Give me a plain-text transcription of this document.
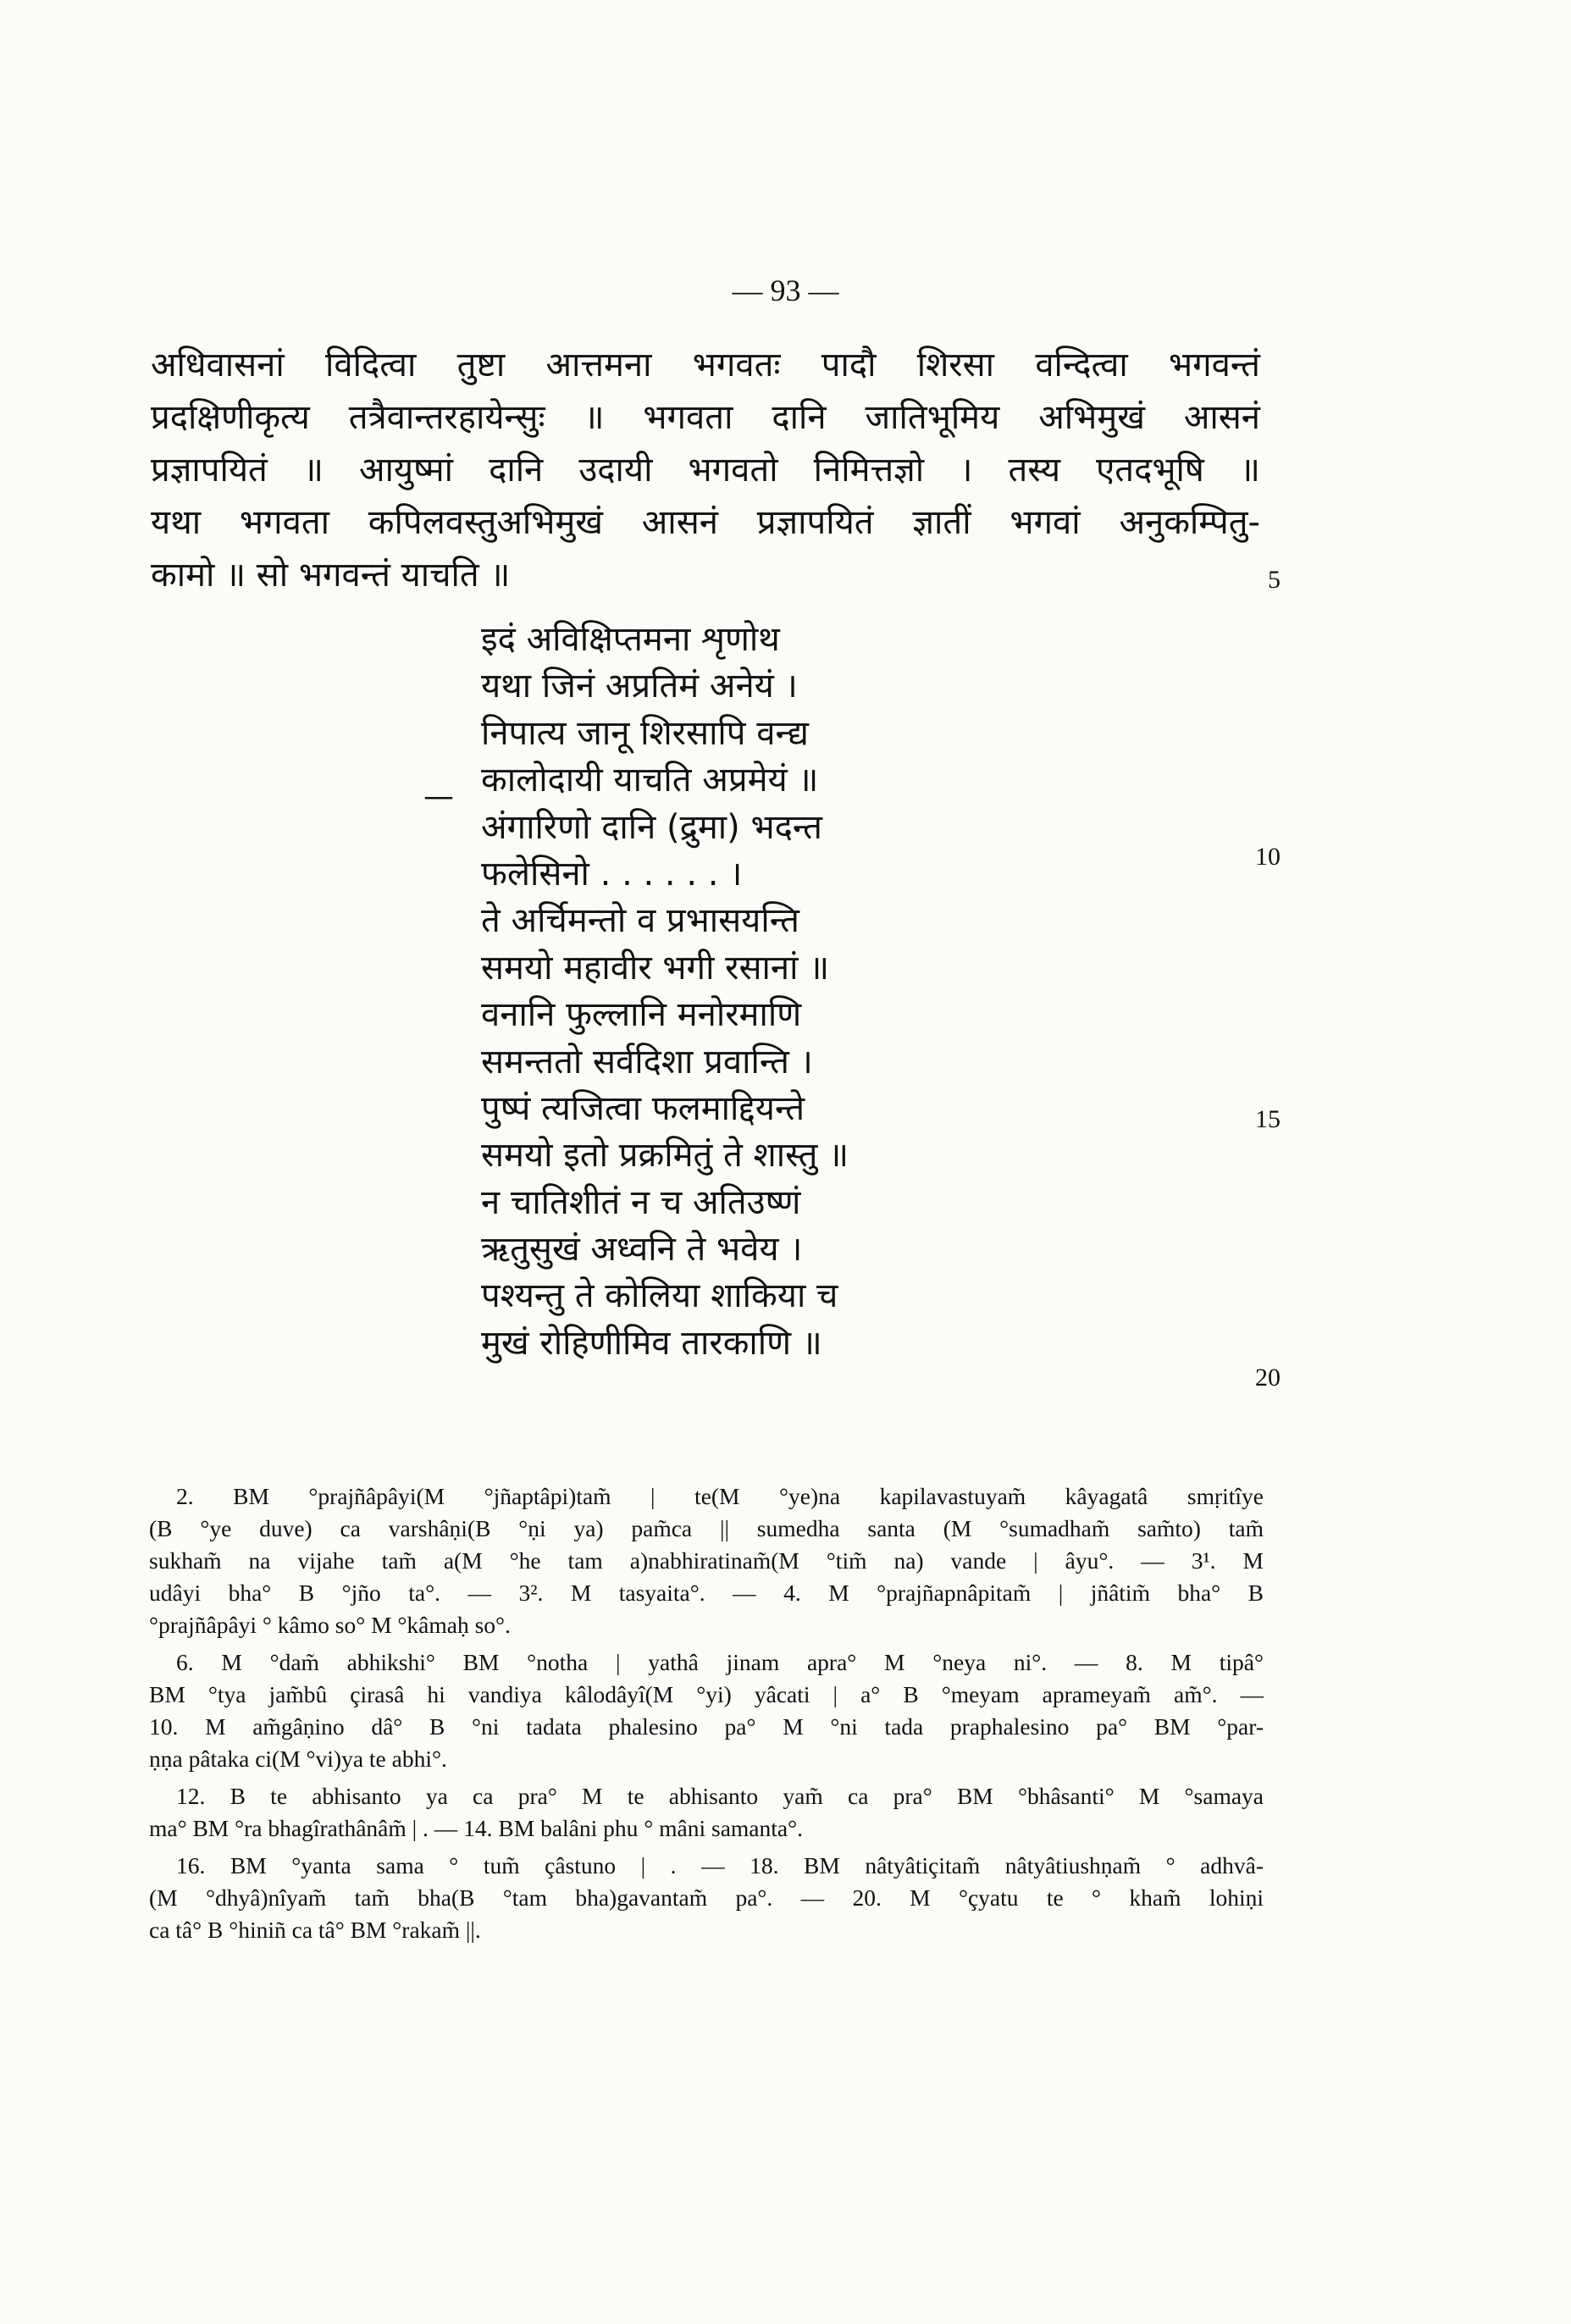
— 93 —
अधिवासनां विदित्वा तुष्टा आत्तमना भगवतः पादौ शिरसा वन्दित्वा भगवन्तं
प्रदक्षिणीकृत्य तत्रैवान्तरहायेन्सुः ॥ भगवता दानि जातिभूमिय अभिमुखं आसनं
प्रज्ञापयितं ॥ आयुष्मां दानि उदायी भगवतो निमित्तज्ञो । तस्य एतदभूषि ॥
यथा भगवता कपिलवस्तुअभिमुखं आसनं प्रज्ञापयितं ज्ञातीं भगवां अनुकम्पितु-
कामो ॥ सो भगवन्तं याचति ॥
—
इदं अविक्षिप्तमना शृणोथ
यथा जिनं अप्रतिमं अनेयं ।
निपात्य जानू शिरसापि वन्द्य
कालोदायी याचति अप्रमेयं ॥
अंगारिणो दानि (द्रुमा) भदन्त
फलेसिनो . . . . . . ।
ते अर्चिमन्तो व प्रभासयन्ति
समयो महावीर भगी रसानां ॥
वनानि फुल्लानि मनोरमाणि
समन्ततो सर्वदिशा प्रवान्ति ।
पुष्पं त्यजित्वा फलमाद्दियन्ते
समयो इतो प्रक्रमितुं ते शास्तु ॥
न चातिशीतं न च अतिउष्णं
ऋतुसुखं अध्वनि ते भवेय ।
पश्यन्तु ते कोलिया शाकिया च
मुखं रोहिणीमिव तारकाणि ॥
5
10
15
20
2. BM °prajñâpâyi(M °jñaptâpi)tam̃ | te(M °ye)na kapilavastuyam̃ kâyagatâ smṛitîye
(B °ye duve) ca varshâṇi(B °ṇi ya) pam̃ca || sumedha santa (M °sumadham̃ sam̃to) tam̃
sukham̃ na vijahe tam̃ a(M °he tam a)nabhiratinam̃(M °tim̃ na) vande | âyu°. — 3¹. M
udâyi bha° B °jño ta°. — 3². M tasyaita°. — 4. M °prajñapnâpitam̃ | jñâtim̃ bha° B
°prajñâpâyi ° kâmo so° M °kâmaḥ so°.
6. M °dam̃ abhikshi° BM °notha | yathâ jinam apra° M °neya ni°. — 8. M tipâ°
BM °tya jam̃bû çirasâ hi vandiya kâlodâyî(M °yi) yâcati | a° B °meyam aprameyam̃ am̃°. —
10. M am̃gâṇino dâ° B °ni tadata phalesino pa° M °ni tada praphalesino pa° BM °par-
ṇṇa pâtaka ci(M °vi)ya te abhi°.
12. B te abhisanto ya ca pra° M te abhisanto yam̃ ca pra° BM °bhâsanti° M °samaya
ma° BM °ra bhagîrathânâm̃ | . — 14. BM balâni phu ° mâni samanta°.
16. BM °yanta sama ° tum̃ çâstuno | . — 18. BM nâtyâtiçitam̃ nâtyâtiushṇam̃ ° adhvâ-
(M °dhyâ)nîyam̃ tam̃ bha(B °tam bha)gavantam̃ pa°. — 20. M °çyatu te ° kham̃ lohiṇi
ca tâ° B °hiniñ ca tâ° BM °rakam̃ ||.
